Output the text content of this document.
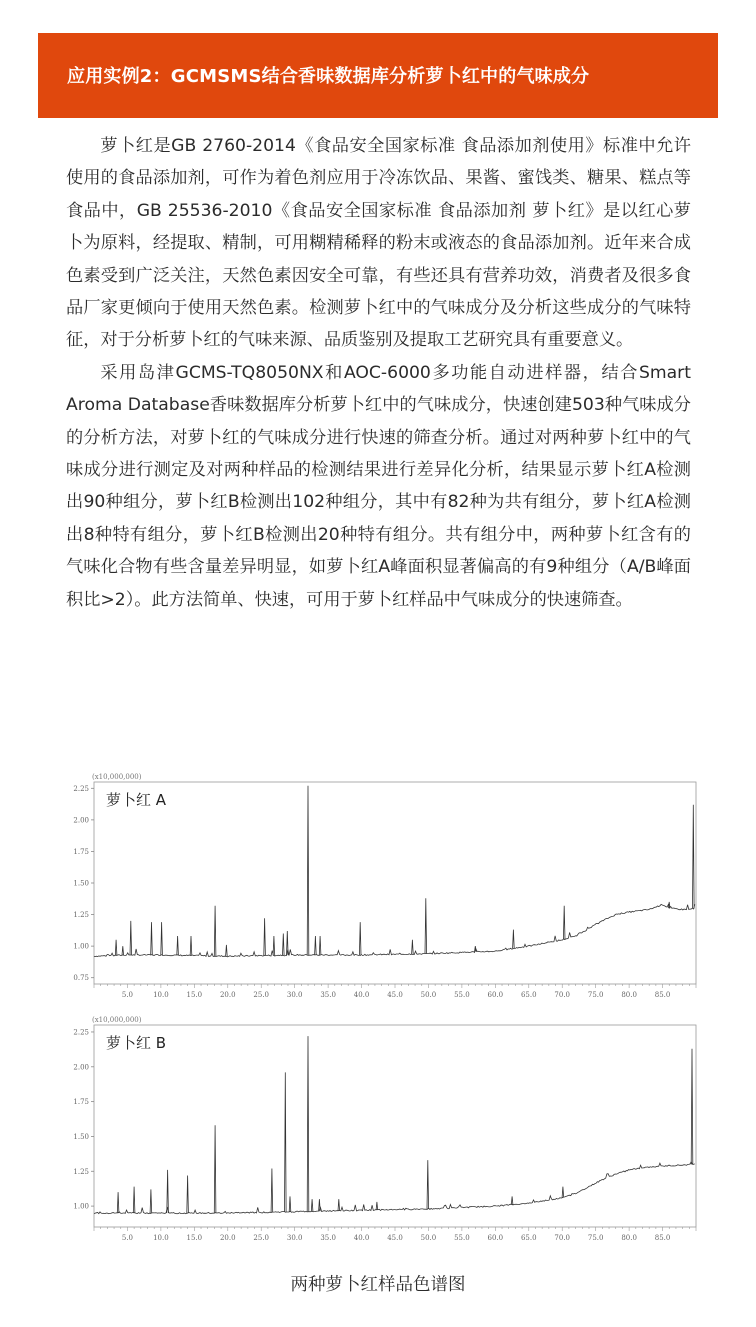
应用实例2：GCMSMS结合香味数据库分析萝卜红中的气味成分

萝卜红是GB 2760-2014《食品安全国家标准 食品添加剂使用》标准中允许使用的食品添加剂，可作为着色剂应用于冷冻饮品、果酱、蜜饯类、糖果、糕点等食品中，GB 25536-2010《食品安全国家标准 食品添加剂 萝卜红》是以红心萝卜为原料，经提取、精制，可用糊精稀释的粉末或液态的食品添加剂。近年来合成色素受到广泛关注，天然色素因安全可靠，有些还具有营养功效，消费者及很多食品厂家更倾向于使用天然色素。检测萝卜红中的气味成分及分析这些成分的气味特征，对于分析萝卜红的气味来源、品质鉴别及提取工艺研究具有重要意义。

采用岛津GCMS-TQ8050NX和AOC-6000多功能自动进样器，结合Smart Aroma Database香味数据库分析萝卜红中的气味成分，快速创建503种气味成分的分析方法，对萝卜红的气味成分进行快速的筛查分析。通过对两种萝卜红中的气味成分进行测定及对两种样品的检测结果进行差异化分析，结果显示萝卜红A检测出90种组分，萝卜红B检测出102种组分，其中有82种为共有组分，萝卜红A检测出8种特有组分，萝卜红B检测出20种特有组分。共有组分中，两种萝卜红含有的气味化合物有些含量差异明显，如萝卜红A峰面积显著偏高的有9种组分（A/B峰面积比>2）。此方法简单、快速，可用于萝卜红样品中气味成分的快速筛查。

(x10,000,000)
萝卜红 A
0.75
1.00
1.25
1.50
1.75
2.00
2.25
5.0	10.0	15.0	20.0	25.0	30.0	35.0	40.0	45.0	50.0	55.0	60.0	65.0	70.0	75.0	80.0	85.0
(x10,000,000)
萝卜红 B
1.00
1.25
1.50
1.75
2.00
2.25
5.0	10.0	15.0	20.0	25.0	30.0	35.0	40.0	45.0	50.0	55.0	60.0	65.0	70.0	75.0	80.0	85.0
两种萝卜红样品色谱图
